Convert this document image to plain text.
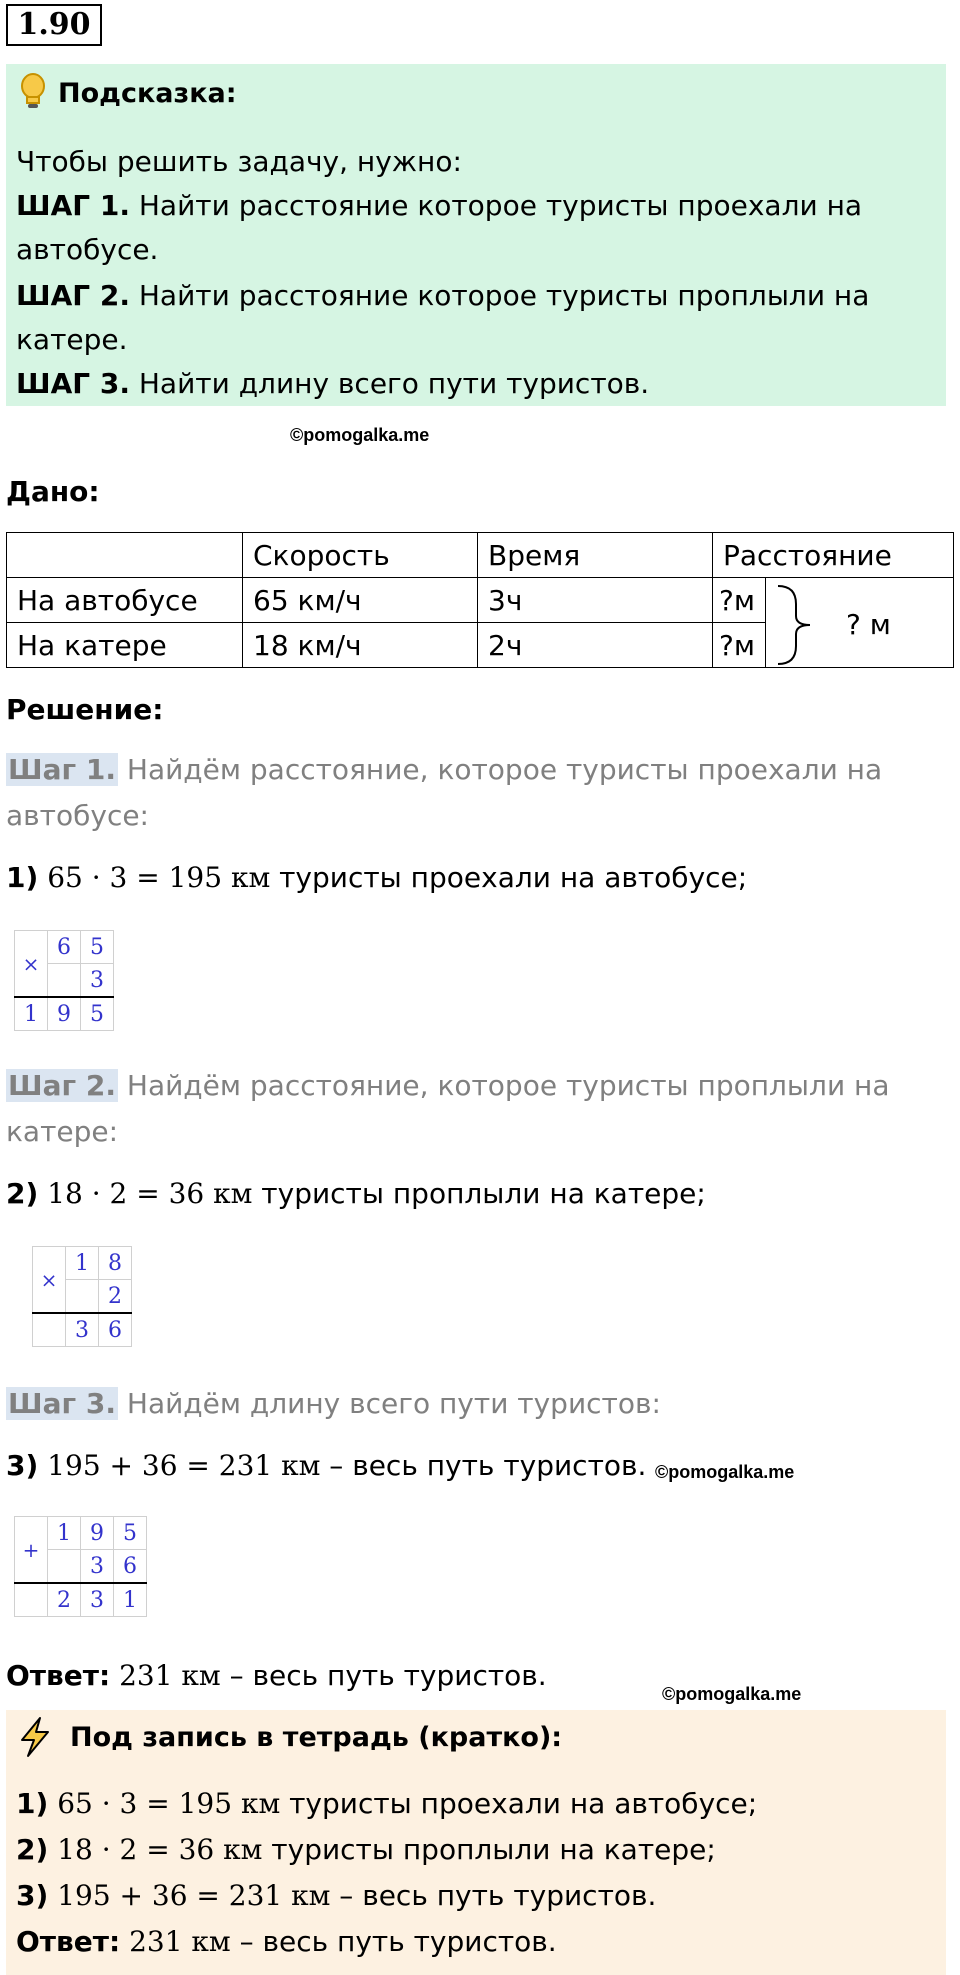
1.90
Подсказка:
Чтобы решить задачу, нужно:
ШАГ 1. Найти расстояние которое туристы проехали на
автобусе.
ШАГ 2. Найти расстояние которое туристы проплыли на
катере.
ШАГ 3. Найти длину всего пути туристов.
©pomogalka.me
Дано:
	Скорость	Время	Расстояние	
На автобусе	65 км/ч	3ч	?м	? м

На катере	18 км/ч	2ч	?м	
Решение:
Шаг 1. Найдём расстояние, которое туристы проехали на
автобусе:
1) 65 · 3 = 195 км туристы проехали на автобусе;
×	6	5
		3
1	9	5
Шаг 2. Найдём расстояние, которое туристы проплыли на
катере:
2) 18 · 2 = 36 км туристы проплыли на катере;
×	1	8
		2
	3	6
Шаг 3. Найдём длину всего пути туристов:
3) 195 + 36 = 231 км – весь путь туристов. ©pomogalka.me
+	1	9	5
		3	6
	2	3	1
Ответ: 231 км – весь путь туристов.
©pomogalka.me
Под запись в тетрадь (кратко):
1) 65 · 3 = 195 км туристы проехали на автобусе;
2) 18 · 2 = 36 км туристы проплыли на катере;
3) 195 + 36 = 231 км – весь путь туристов.
Ответ: 231 км – весь путь туристов.
